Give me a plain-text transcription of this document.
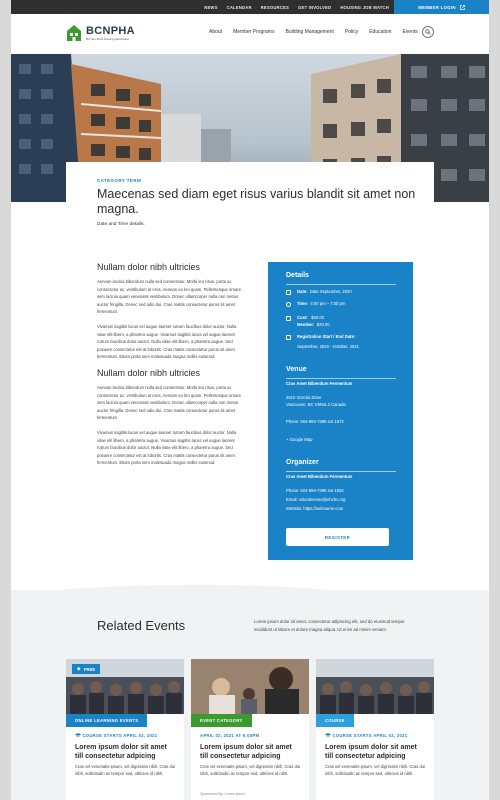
NEWS CALENDAR RESOURCES GET INVOLVED HOUSING JOB MATCH	MEMBER LOGIN
BCNPHA
BC Non-Profit Housing Association
About Member Programs Building Management Policy Education Events
CATEGORY TERM
Maecenas sed diam eget risus varius blandit sit amet non magna.
Date and Time details.
Nullam dolor nibh ultricies

Aenean lacinia bibendum nulla sed consectetur. Morbi leo risus, porta ac consectetur ac, vestibulum at eros. Aenean eu leo quam. Pellentesque ornare sem lacinia quam venenatis vestibulum. Donec ullamcorper nulla non metus auctor fringilla. Donec sed odio dui. Cras mattis consectetur purus sit amet fermentum.

Vivamus sagittis lacus vel augue laoreet rutrum faucibus dolor auctor. Nulla vitae elit libero, a pharetra augue. Vivamus sagittis lacus vel augue laoreet rutrum faucibus dolor auctor. Nulla vitae elit libero, a pharetra augue. Sed posuere consectetur est at lobortis. Cras mattis consectetur purus sit amet fermentum. Etiam porta sem malesuada magna mollis euismod.

Nullam dolor nibh ultricies

Aenean lacinia bibendum nulla sed consectetur. Morbi leo risus, porta ac consectetur ac, vestibulum at eros. Aenean eu leo quam. Pellentesque ornare sem lacinia quam venenatis vestibulum. Donec ullamcorper nulla non metus auctor fringilla. Donec sed odio dui. Cras mattis consectetur purus sit amet fermentum.

Vivamus sagittis lacus vel augue laoreet rutrum faucibus dolor auctor. Nulla vitae elit libero, a pharetra augue. Vivamus sagittis lacus vel augue laoreet rutrum faucibus dolor auctor. Nulla vitae elit libero, a pharetra augue. Sed posuere consectetur est at lobortis. Cras mattis consectetur purus sit amet fermentum. Etiam porta sem malesuada magna mollis euismod.

Details
Date: Date September, 2020
Time: 4:00 pm – 7:00 pm
Cost: $30.00
Member: $20.00
Registration Start / End Date:
September, 2020 - October, 2021
Venue
Cras Amet Bibendum Fermentum
2610 Victoria Drive
Vancouver, BC V5N4L2 Canada
Phone: 604-694-7498 ext 1672
+ Google Map
Organizer
Cras Amet Bibendum Fermentum
Phone: 604-694-7498 ext 1632
Email: volunteervan@ehcbc.org
Website: https://webname.com
REGISTER
Related Events	Lorem ipsum dolor sit amet, consectetur adipiscing elit, sed do eiusmod tempor incididunt ut labore et dolore magna aliqua. Ut enim ad minim veniam.
FREE
ONLINE LEARNING EVENTS
COURSE STARTS APRIL 02, 2021
Lorem ipsum dolor sit amet till consectetur adpicing
Cras vel venenatis ipsum, vel dignissim nibh. Cras dui nibh, sollicitudin ac tempor sed, ultricies id nibh.
EVENT CATEGORY
APRIL 02, 2021 AT 6:00PM
Lorem ipsum dolor sit amet till consectetur adpicing
Cras vel venenatis ipsum, vel dignissim nibh. Cras dui nibh, sollicitudin ac tempor sed, ultricies id nibh.
Sponsored By: Lorem ipsum
COURSE
COURSE STARTS APRIL 02, 2021
Lorem ipsum dolor sit amet till consectetur adpicing
Cras vel venenatis ipsum, vel dignissim nibh. Cras dui nibh, sollicitudin ac tempor sed, ultricies id nibh.
